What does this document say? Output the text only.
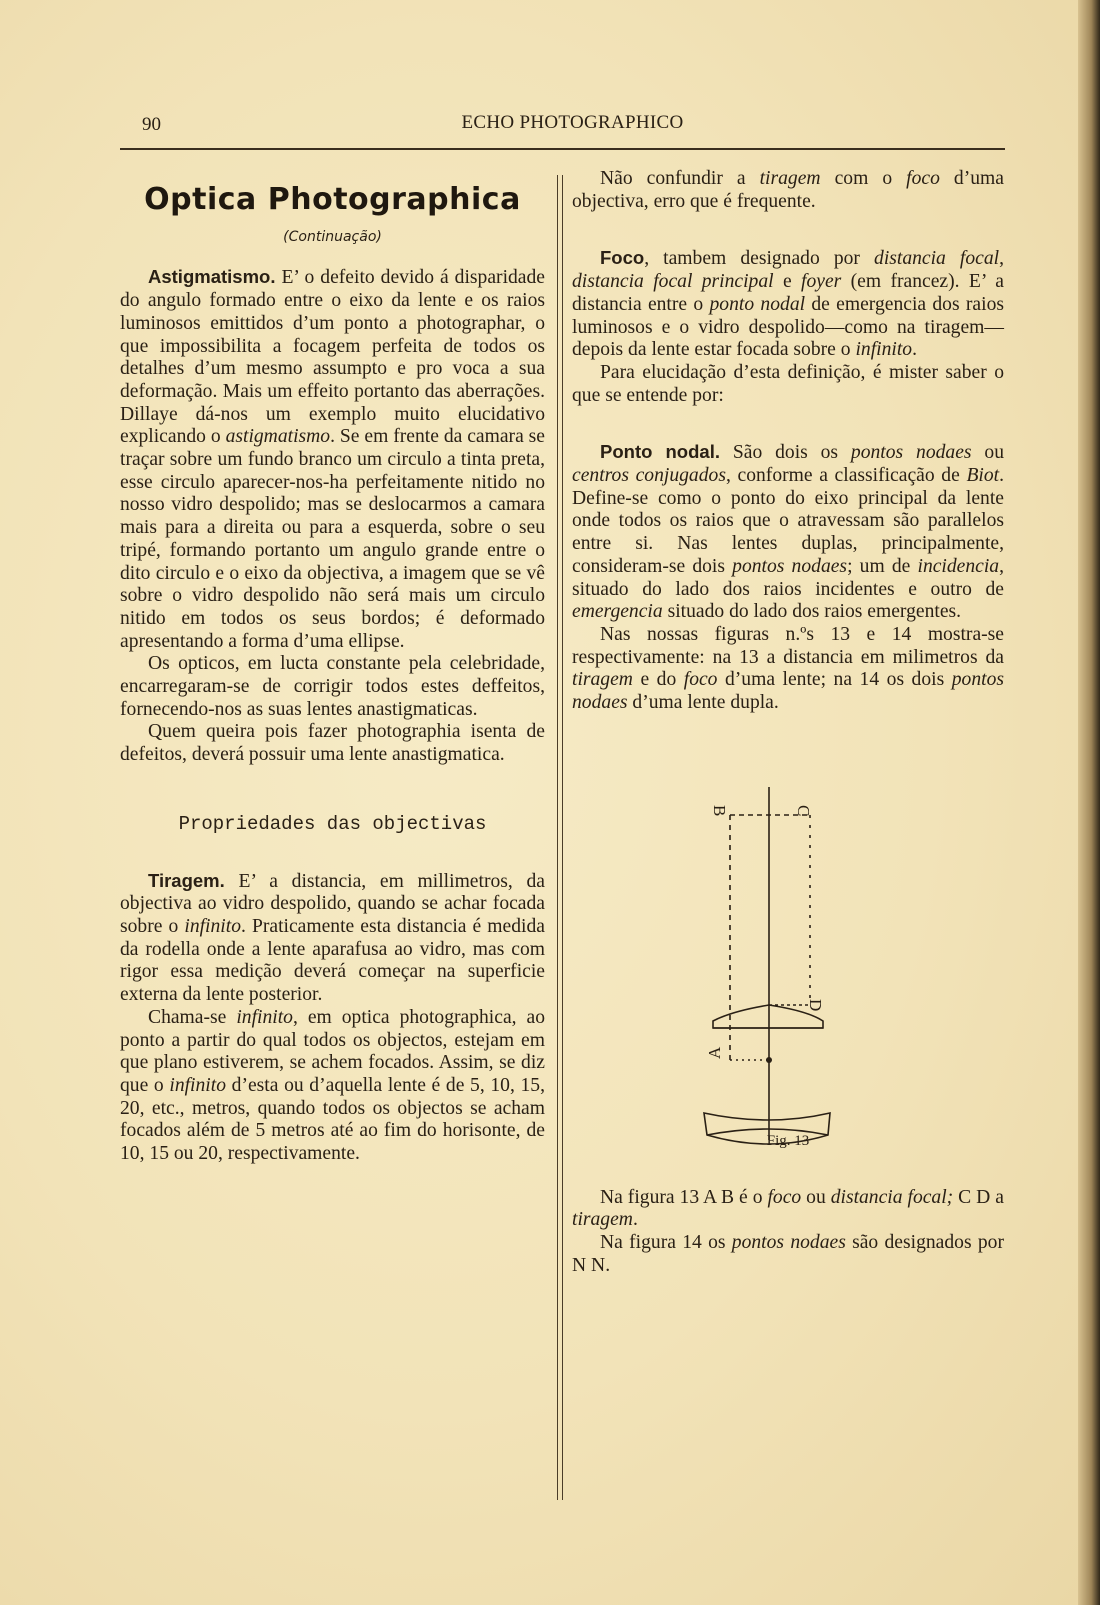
90	ECHO PHOTOGRAPHICO
Optica Photographica
(Continuação)

Astigmatismo. E’ o defeito devido á disparidade do angulo formado entre o eixo da lente e os raios luminosos emittidos d’um ponto a photographar, o que impossibilita a focagem perfeita de todos os detalhes d’um mesmo assumpto e pro voca a sua deformação. Mais um effeito portanto das aberrações. Dillaye dá-nos um exemplo muito elucidativo explicando o astigmatismo. Se em frente da camara se traçar sobre um fundo branco um circulo a tinta preta, esse circulo aparecer-nos-ha perfeitamente nitido no nosso vidro despolido; mas se deslocarmos a camara mais para a direita ou para a esquerda, sobre o seu tripé, formando portanto um angulo grande entre o dito circulo e o eixo da objectiva, a imagem que se vê sobre o vidro despolido não será mais um circulo nitido em todos os seus bordos; é deformado apresentando a forma d’uma ellipse.

Os opticos, em lucta constante pela celebridade, encarregaram-se de corrigir todos estes deffeitos, fornecendo-nos as suas lentes anastigmaticas.

Quem queira pois fazer photographia isenta de defeitos, deverá possuir uma lente anastigmatica.

Propriedades das objectivas

Tiragem. E’ a distancia, em millimetros, da objectiva ao vidro despolido, quando se achar focada sobre o infinito. Praticamente esta distancia é medida da rodella onde a lente aparafusa ao vidro, mas com rigor essa medição deverá começar na superficie externa da lente posterior.

Chama-se infinito, em optica photographica, ao ponto a partir do qual todos os objectos, estejam em que plano estiverem, se achem focados. Assim, se diz que o infinito d’esta ou d’aquella lente é de 5, 10, 15, 20, etc., metros, quando todos os objectos se acham focados além de 5 metros até ao fim do horisonte, de 10, 15 ou 20, respectivamente.

Não confundir a tiragem com o foco d’uma objectiva, erro que é frequente.

Foco, tambem designado por distancia focal, distancia focal principal e foyer (em francez). E’ a distancia entre o ponto nodal de emergencia dos raios luminosos e o vidro despolido—como na tiragem—depois da lente estar focada sobre o infinito.

Para elucidação d’esta definição, é mister saber o que se entende por:

Ponto nodal. São dois os pontos nodaes ou centros conjugados, conforme a classificação de Biot. Define-se como o ponto do eixo principal da lente onde todos os raios que o atravessam são parallelos entre si. Nas lentes duplas, principalmente, consideram-se dois pontos nodaes; um de incidencia, situado do lado dos raios incidentes e outro de emergencia situado do lado dos raios emergentes.

Nas nossas figuras n.ºs 13 e 14 mostra-se respectivamente: na 13 a distancia em milimetros da tiragem e do foco d’uma lente; na 14 os dois pontos nodaes d’uma lente dupla.

B	C
D
A
Fig. 13

Na figura 13 A B é o foco ou distancia focal; C D a tiragem.

Na figura 14 os pontos nodaes são designados por N N.
